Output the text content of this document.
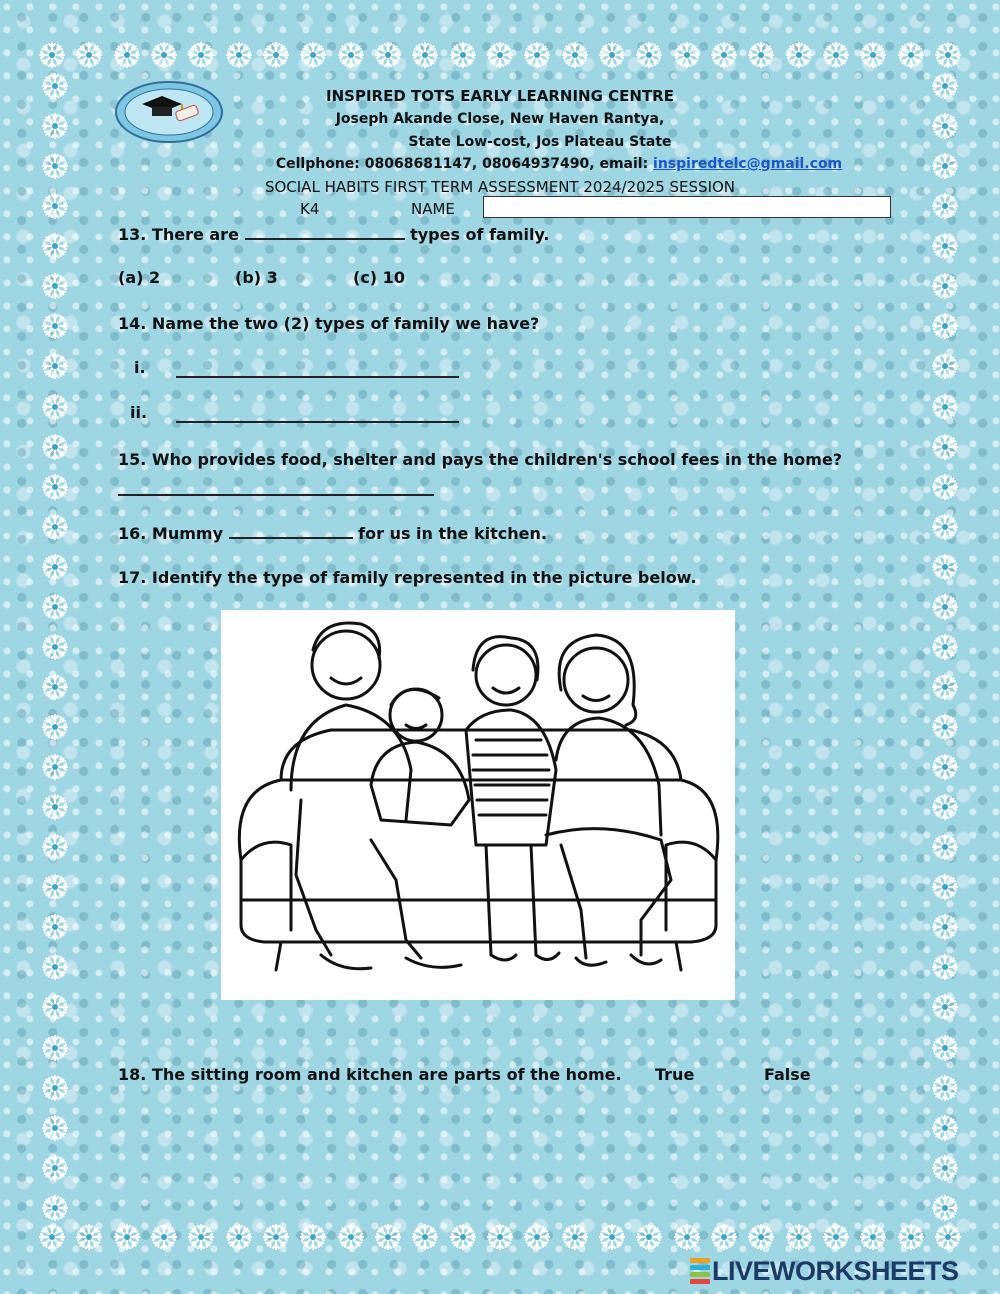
INSPIRED TOTS EARLY LEARNING CENTRE
Joseph Akande Close, New Haven Rantya,
State Low-cost, Jos Plateau State
Cellphone: 08068681147, 08064937490, email: inspiredtelc@gmail.com
SOCIAL HABITS FIRST TERM ASSESSMENT 2024/2025 SESSION
K4	NAME
13. There are	types of family.
(a) 2	(b) 3	(c) 10
14. Name the two (2) types of family we have?
i.
ii.
15. Who provides food, shelter and pays the children's school fees in the home?
16. Mummy	for us in the kitchen.
17. Identify the type of family represented in the picture below.
18. The sitting room and kitchen are parts of the home. True	False
LIVEWORKSHEETS
